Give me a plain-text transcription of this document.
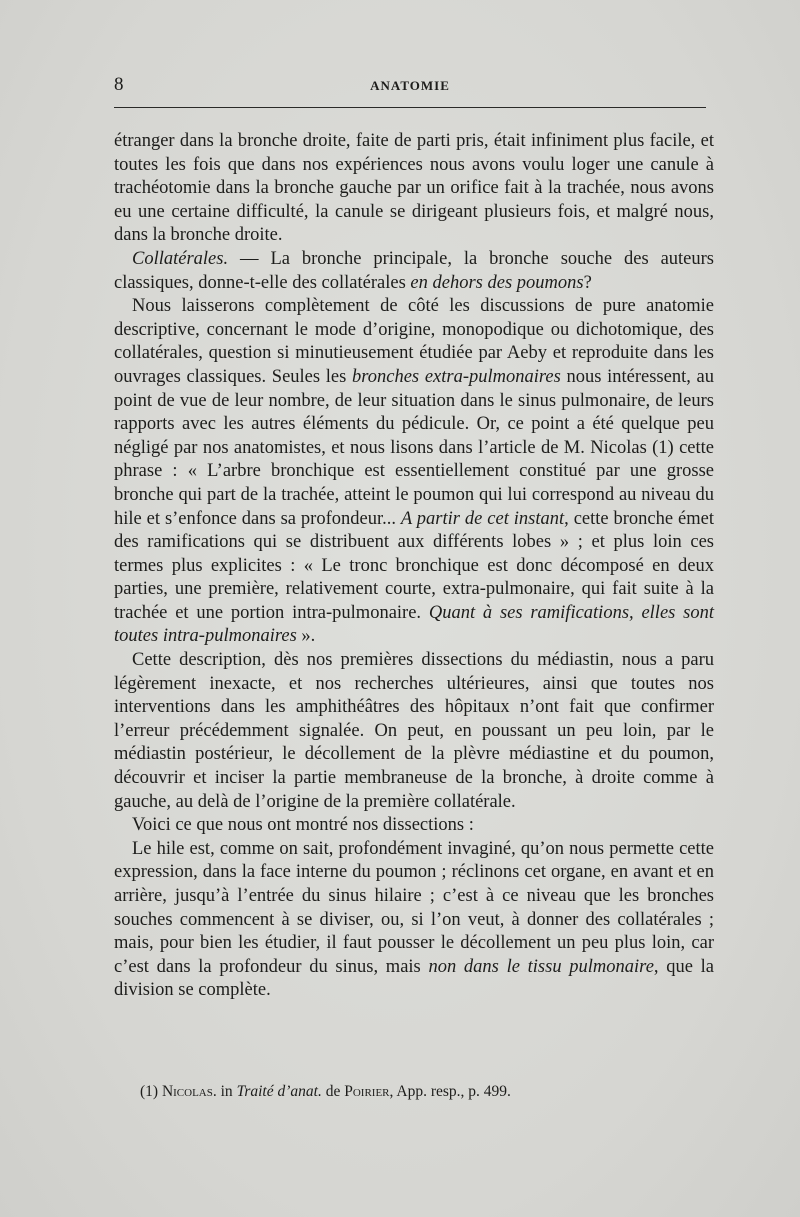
8	ANATOMIE

étranger dans la bronche droite, faite de parti pris, était infiniment plus facile, et toutes les fois que dans nos expériences nous avons voulu loger une canule à trachéotomie dans la bronche gauche par un orifice fait à la trachée, nous avons eu une certaine difficulté, la canule se dirigeant plusieurs fois, et malgré nous, dans la bronche droite.

Collatérales. — La bronche principale, la bronche souche des auteurs classiques, donne-t-elle des collatérales en dehors des poumons?

Nous laisserons complètement de côté les discussions de pure anatomie descriptive, concernant le mode d’origine, monopodique ou dichotomique, des collatérales, question si minutieusement étudiée par Aeby et reproduite dans les ouvrages classiques. Seules les bronches extra-pulmonaires nous intéressent, au point de vue de leur nombre, de leur situation dans le sinus pulmonaire, de leurs rapports avec les autres éléments du pédicule. Or, ce point a été quelque peu négligé par nos anatomistes, et nous lisons dans l’article de M. Nicolas (1) cette phrase : « L’arbre bronchique est essentiellement constitué par une grosse bronche qui part de la trachée, atteint le poumon qui lui correspond au niveau du hile et s’enfonce dans sa profondeur... A partir de cet instant, cette bronche émet des ramifications qui se distribuent aux différents lobes » ; et plus loin ces termes plus explicites : « Le tronc bronchique est donc décomposé en deux parties, une première, relativement courte, extra-pulmonaire, qui fait suite à la trachée et une portion intra-pulmonaire. Quant à ses ramifications, elles sont toutes intra-pulmonaires ».

Cette description, dès nos premières dissections du médiastin, nous a paru légèrement inexacte, et nos recherches ultérieures, ainsi que toutes nos interventions dans les amphithéâtres des hôpitaux n’ont fait que confirmer l’erreur précédemment signalée. On peut, en poussant un peu loin, par le médiastin postérieur, le décollement de la plèvre médiastine et du poumon, découvrir et inciser la partie membraneuse de la bronche, à droite comme à gauche, au delà de l’origine de la première collatérale.

Voici ce que nous ont montré nos dissections :

Le hile est, comme on sait, profondément invaginé, qu’on nous permette cette expression, dans la face interne du poumon ; réclinons cet organe, en avant et en arrière, jusqu’à l’entrée du sinus hilaire ; c’est à ce niveau que les bronches souches commencent à se diviser, ou, si l’on veut, à donner des collatérales ; mais, pour bien les étudier, il faut pousser le décollement un peu plus loin, car c’est dans la profondeur du sinus, mais non dans le tissu pulmonaire, que la division se complète.

(1) Nicolas. in Traité d’anat. de Poirier, App. resp., p. 499.
